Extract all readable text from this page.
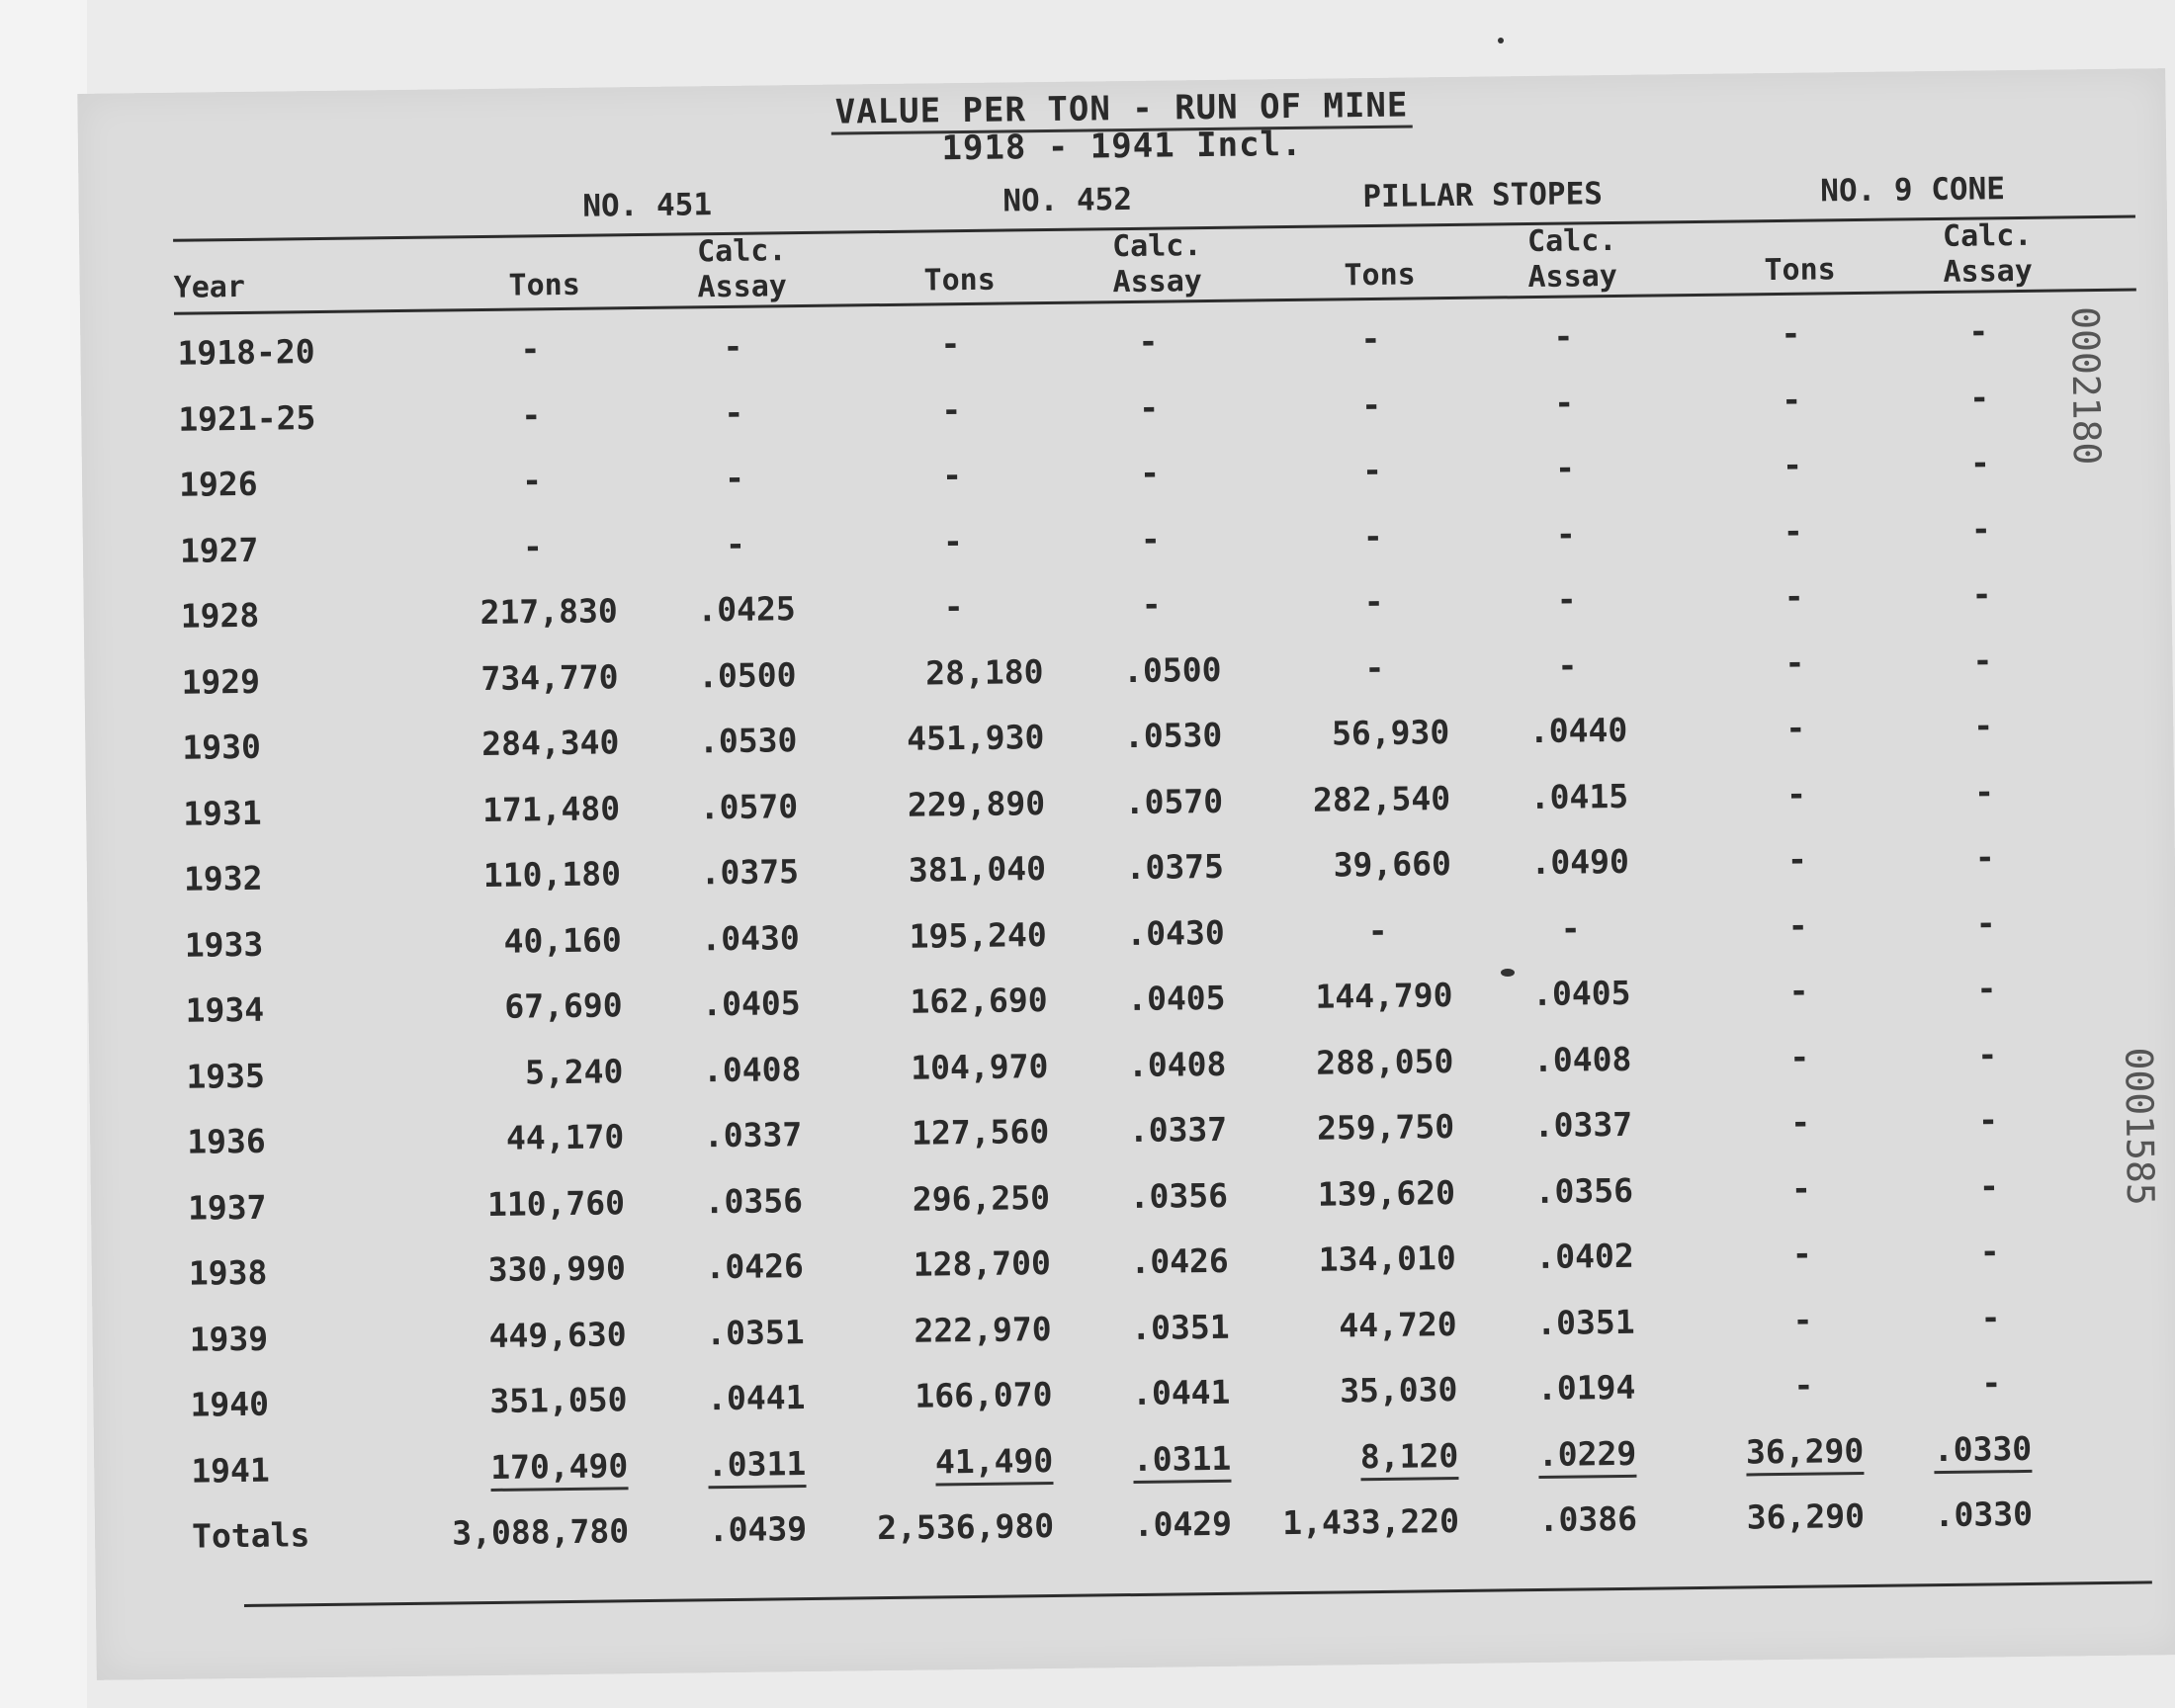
VALUE PER TON - RUN OF MINE
1918 - 1941 Incl.
NO. 451	NO. 452	PILLAR STOPES	NO. 9 CONE
Year	Tons
Calc.
Assay	Tons
Calc.
Assay	Tons
Calc.
Assay	Tons
Calc.
Assay
1918-20	-	-	-	-	-	-	-	-
1921-25	-	-	-	-	-	-	-	-
1926	-	-	-	-	-	-	-	-
1927	-	-	-	-	-	-	-	-
1928	217,830	.0425	-	-	-	-	-	-
1929	734,770	.0500	28,180	.0500	-	-	-	-
1930	284,340	.0530	451,930	.0530	56,930	.0440	-	-
1931	171,480	.0570	229,890	.0570	282,540	.0415	-	-
1932	110,180	.0375	381,040	.0375	39,660	.0490	-	-
1933	40,160	.0430	195,240	.0430	-	-	-	-
1934	67,690	.0405	162,690	.0405	144,790	.0405	-	-
1935	5,240	.0408	104,970	.0408	288,050	.0408	-	-
1936	44,170	.0337	127,560	.0337	259,750	.0337	-	-
1937	110,760	.0356	296,250	.0356	139,620	.0356	-	-
1938	330,990	.0426	128,700	.0426	134,010	.0402	-	-
1939	449,630	.0351	222,970	.0351	44,720	.0351	-	-
1940	351,050	.0441	166,070	.0441	35,030	.0194	-	-
1941	170,490	.0311	41,490	.0311	8,120	.0229	36,290	.0330
Totals	3,088,780	.0439	2,536,980	.0429	1,433,220	.0386	36,290	.0330
0002180
0001585
